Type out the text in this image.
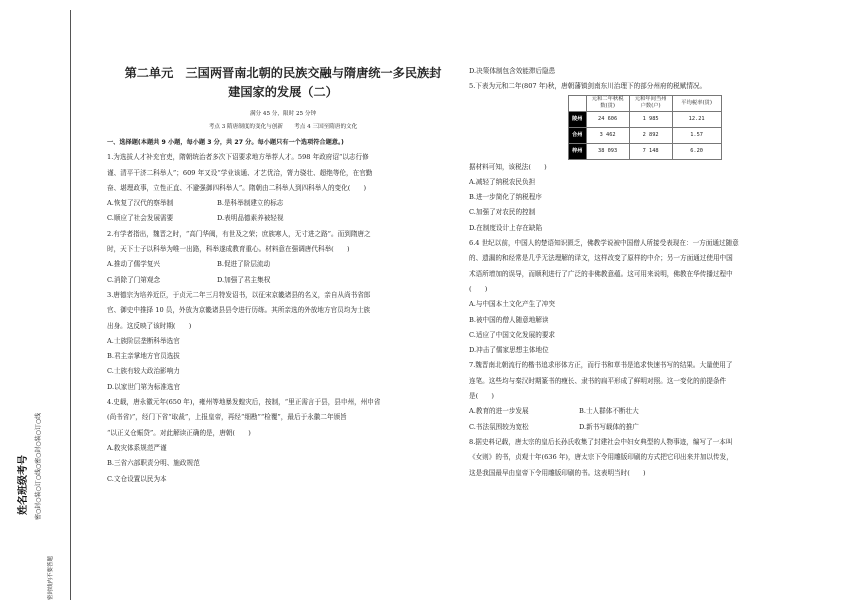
姓名班级考号	密○封○装○订○线○密○封○装○订○线
密封线内不要答题
第二单元　三国两晋南北朝的民族交融与隋唐统一多民族封
建国家的发展（二）
满分 45 分，限时 25 分钟
考点 3 隋唐制度的变化与创新　　考点 4 三国至隋唐的文化
一、选择题(本题共 9 小题，每小题 3 分，共 27 分。每小题只有一个选项符合题意。)

1.为选拔人才补充官吏，隋朝统治者多次下诏要求地方举荐人才。598 年政府诏“以志行修

谨、清平干济二科举人”；609 年又设“学业该通、才艺优洽，膂力骁壮、超绝等伦，在官勤

奋、堪理政事，立性正直、不避强御四科举人”。隋朝由二科举人到四科举人的变化(　　)

A.恢复了汉代的察举制	B.是科举制建立的标志
C.顺应了社会发展需要	D.表明品德素养被轻视

2.有学者指出，魏晋之时，“高门华阀，有世及之荣；庶族寒人，无寸进之路”。而到隋唐之

时，天下士子以科举为唯一出路，科举遂成教育重心。材料意在强调唐代科举(　　)

A.推动了儒学复兴	B.促进了阶层流动
C.消除了门第观念	D.加强了君主集权

3.唐德宗为培养近臣，于贞元二年三月特发诏书，以征宋京畿诸县的名义，亲自从尚书省郎

官、御史中推择 10 员，外放为京畿诸县县令进行历练。其所亲选的外放地方官员均为士族

出身。这反映了该时期(　　)

A.士族阶层垄断科举选官

B.君主亲掌地方官员选拔

C.士族有较大政治影响力

D.以家世门第为标准选官

4.史载，唐永徽元年(650 年)，雍州等地暴发蝗灾后，按制，“里正需言于县，县申州，州申省

(尚书省)”，经门下省“取裁”，上报皇帝，再经“细勘”“检覆”，最后于永徽二年颁旨

“以正义仓赈贷”。对此解读正确的是，唐朝(　　)

A.救灾体系规范严谨

B.三省六部职责分明、施政规范

C.文仓设置以民为本

D.决策体制包含效能滞后隐患

5.下表为元和二年(807 年)秋，唐朝藩镇剑南东川治理下的部分州府的税赋情况。

	元和二年秋税数(贯)	元和年间当州户数(户)	平均税率(贯)
陵州	24 606	1 985	12.21
合州	3 462	2 892	1.57
梓州	38 093	7 148	6.20

据材料可知，该税法(　　)

A.减轻了纳税农民负担

B.进一步简化了纳税程序

C.加强了对农民的控制

D.在制度设计上存在缺陷

6.4 世纪以前，中国人的楚语知识匮乏，佛教学说被中国僧人所接受表现在：一方面通过随意

的、遗漏的和经常是几乎无法理解的译文，这样改变了原样的中介；另一方面通过使用中国

术语所增加的误导，而顺利进行了广泛的非佛教意蕴。这可用来说明，佛教在华传播过程中

(　　)

A.与中国本土文化产生了冲突

B.被中国的僧人随意地解读

C.适应了中国文化发展的要求

D.冲击了儒家思想主体地位

7.魏晋南北朝流行的楷书追求形体方正，而行书和草书是追求快速书写的结果。大量使用了

连笔。这些均与秦汉时期篆书的瘦长、隶书的扁平形成了鲜明对照。这一变化的前提条件

是(　　)

A.教育的进一步发展	B.士人群体不断壮大
C.书法氛围较为宽松	D.新书写载体的推广

8.据史料记载，唐太宗的皇后长孙氏收集了封建社会中妇女典型的人物事迹，编写了一本叫

《女则》的书，贞观十年(636 年)，唐太宗下令用雕版印刷的方式把它印出来并加以传发，

这是我国最早由皇帝下令用雕版印刷的书。这表明当时(　　)
